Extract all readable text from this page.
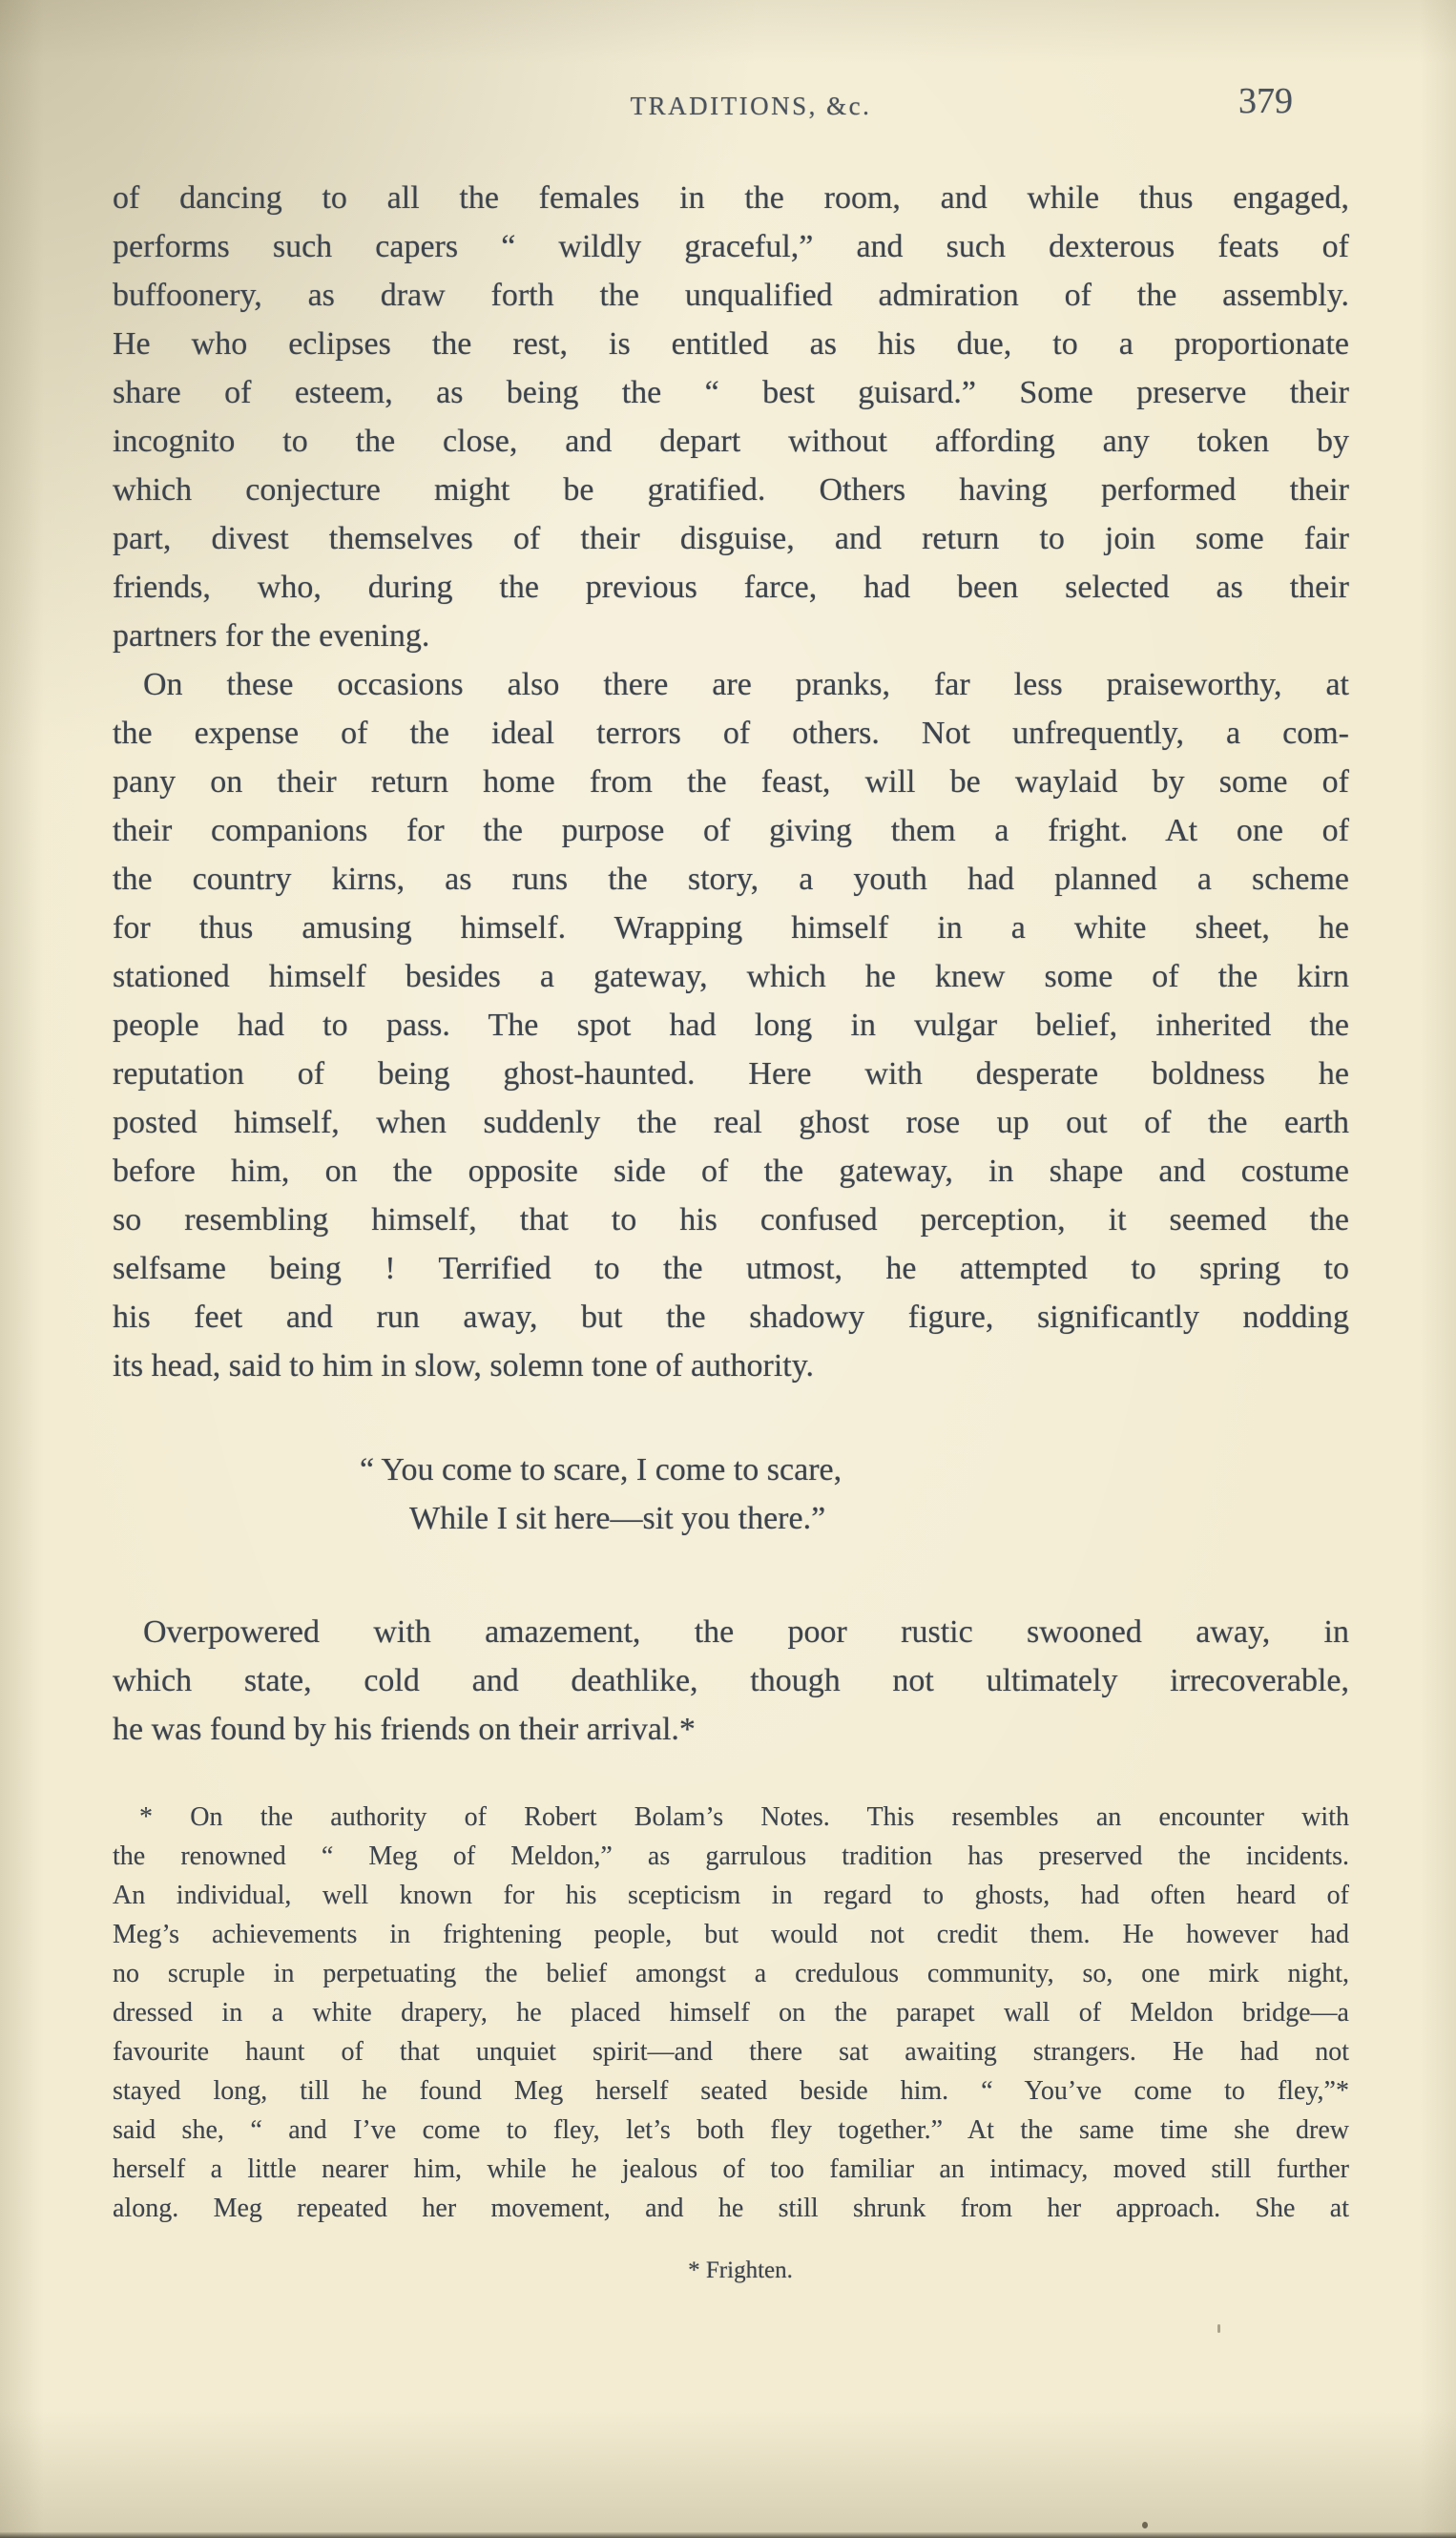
TRADITIONS, &c.	379
of dancing to all the females in the room, and while thus engaged,
performs such capers “ wildly graceful,” and such dexterous feats of
buffoonery, as draw forth the unqualified admiration of the assembly.
He who eclipses the rest, is entitled as his due, to a proportionate
share of esteem, as being the “ best guisard.” Some preserve their
incognito to the close, and depart without affording any token by
which conjecture might be gratified. Others having performed their
part, divest themselves of their disguise, and return to join some fair
friends, who, during the previous farce, had been selected as their
partners for the evening.
On these occasions also there are pranks, far less praiseworthy, at
the expense of the ideal terrors of others. Not unfrequently, a com-
pany on their return home from the feast, will be waylaid by some of
their companions for the purpose of giving them a fright. At one of
the country kirns, as runs the story, a youth had planned a scheme
for thus amusing himself. Wrapping himself in a white sheet, he
stationed himself besides a gateway, which he knew some of the kirn
people had to pass. The spot had long in vulgar belief, inherited the
reputation of being ghost-haunted. Here with desperate boldness he
posted himself, when suddenly the real ghost rose up out of the earth
before him, on the opposite side of the gateway, in shape and costume
so resembling himself, that to his confused perception, it seemed the
selfsame being ! Terrified to the utmost, he attempted to spring to
his feet and run away, but the shadowy figure, significantly nodding
its head, said to him in slow, solemn tone of authority.
“ You come to scare, I come to scare,
While I sit here—sit you there.”
Overpowered with amazement, the poor rustic swooned away, in
which state, cold and deathlike, though not ultimately irrecoverable,
he was found by his friends on their arrival.*
* On the authority of Robert Bolam’s Notes. This resembles an encounter with
the renowned “ Meg of Meldon,” as garrulous tradition has preserved the incidents.
An individual, well known for his scepticism in regard to ghosts, had often heard of
Meg’s achievements in frightening people, but would not credit them. He however had
no scruple in perpetuating the belief amongst a credulous community, so, one mirk night,
dressed in a white drapery, he placed himself on the parapet wall of Meldon bridge—a
favourite haunt of that unquiet spirit—and there sat awaiting strangers. He had not
stayed long, till he found Meg herself seated beside him. “ You’ve come to fley,”*
said she, “ and I’ve come to fley, let’s both fley together.” At the same time she drew
herself a little nearer him, while he jealous of too familiar an intimacy, moved still further
along. Meg repeated her movement, and he still shrunk from her approach. She at
* Frighten.
